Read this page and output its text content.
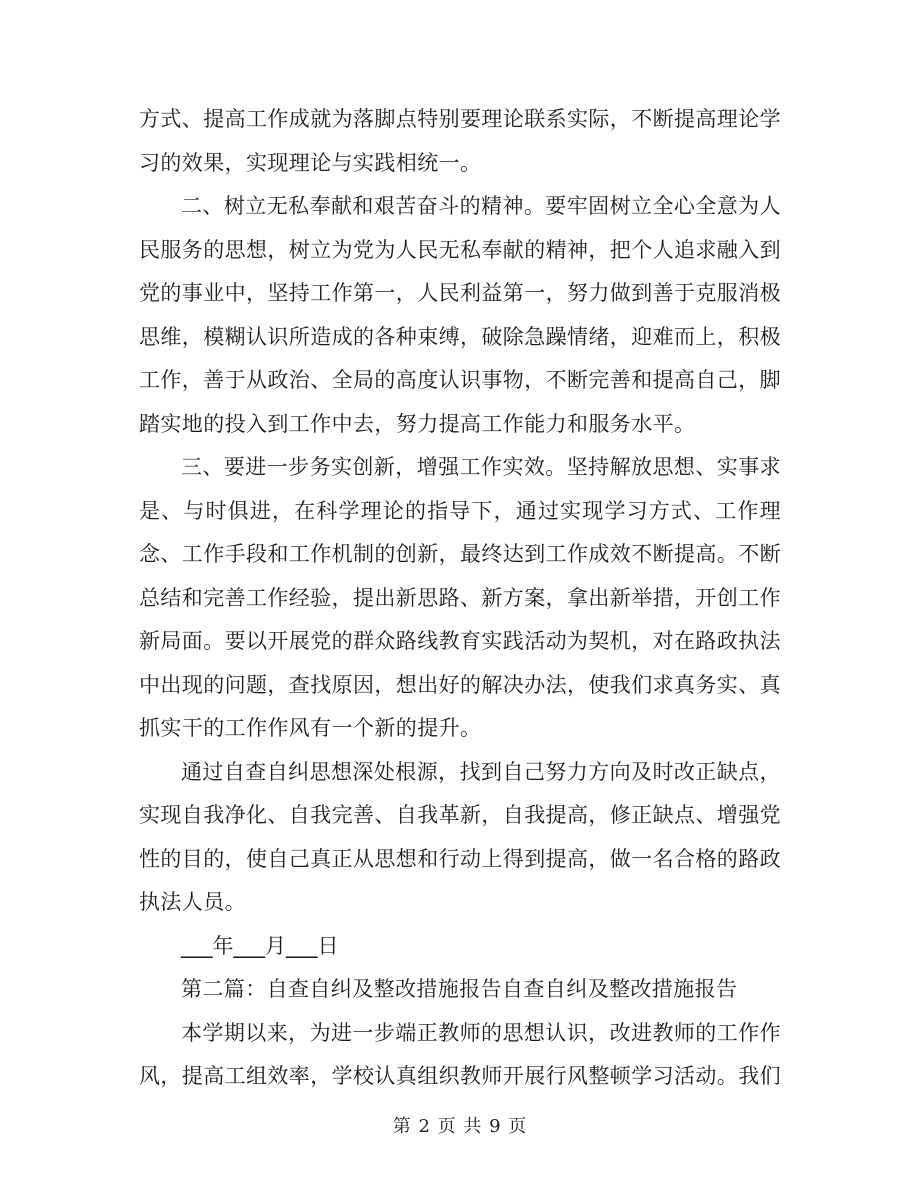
方式、提高工作成就为落脚点特别要理论联系实际，不断提高理论学习的效果，实现理论与实践相统一。

二、树立无私奉献和艰苦奋斗的精神。要牢固树立全心全意为人民服务的思想，树立为党为人民无私奉献的精神，把个人追求融入到党的事业中，坚持工作第一，人民利益第一，努力做到善于克服消极思维，模糊认识所造成的各种束缚，破除急躁情绪，迎难而上，积极工作，善于从政治、全局的高度认识事物，不断完善和提高自己，脚踏实地的投入到工作中去，努力提高工作能力和服务水平。

三、要进一步务实创新，增强工作实效。坚持解放思想、实事求是、与时俱进，在科学理论的指导下，通过实现学习方式、工作理念、工作手段和工作机制的创新，最终达到工作成效不断提高。不断总结和完善工作经验，提出新思路、新方案，拿出新举措，开创工作新局面。要以开展党的群众路线教育实践活动为契机，对在路政执法中出现的问题，查找原因，想出好的解决办法，使我们求真务实、真抓实干的工作作风有一个新的提升。

通过自查自纠思想深处根源，找到自己努力方向及时改正缺点，实现自我净化、自我完善、自我革新，自我提高，修正缺点、增强党性的目的，使自己真正从思想和行动上得到提高，做一名合格的路政执法人员。

___年___月___日

第二篇：自查自纠及整改措施报告自查自纠及整改措施报告

本学期以来，为进一步端正教师的思想认识，改进教师的工作作风，提高工组效率，学校认真组织教师开展行风整顿学习活动。我们

第 2 页 共 9 页
